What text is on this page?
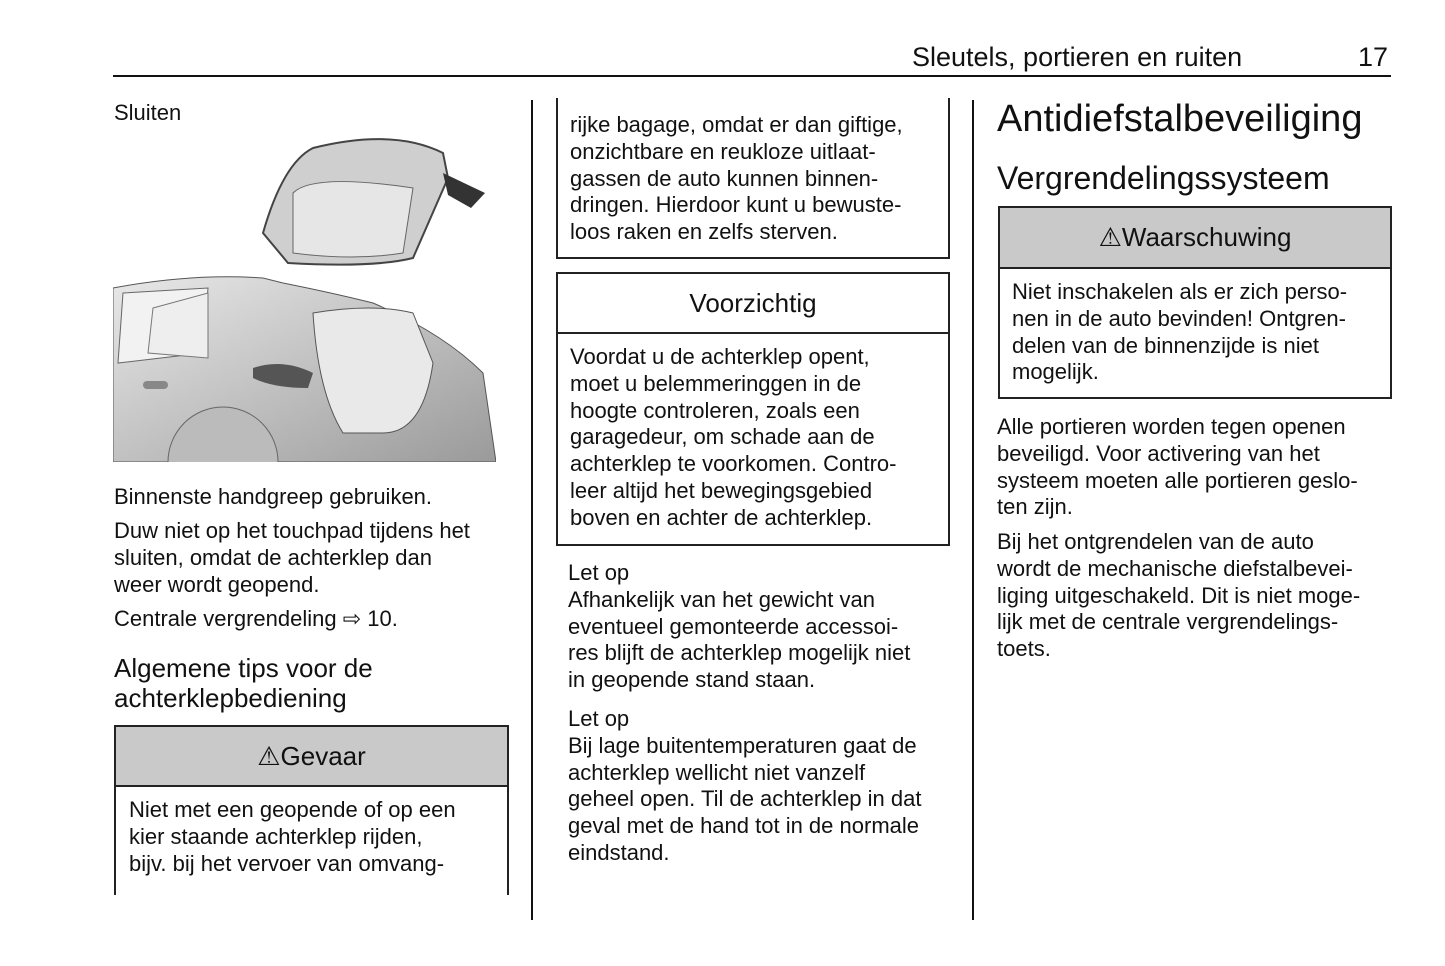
Sleutels, portieren en ruiten	17
Sluiten
Binnenste handgreep gebruiken.
Duw niet op het touchpad tijdens het
sluiten, omdat de achterklep dan
weer wordt geopend.
Centrale vergrendeling ⇨ 10.
Algemene tips voor de
achterklepbediening
⚠Gevaar
Niet met een geopende of op een
kier staande achterklep rijden,
bijv. bij het vervoer van omvang-
rijke bagage, omdat er dan giftige,
onzichtbare en reukloze uitlaat-
gassen de auto kunnen binnen-
dringen. Hierdoor kunt u bewuste-
loos raken en zelfs sterven.
Voorzichtig
Voordat u de achterklep opent,
moet u belemmeringgen in de
hoogte controleren, zoals een
garagedeur, om schade aan de
achterklep te voorkomen. Contro-
leer altijd het bewegingsgebied
boven en achter de achterklep.
Let op
Afhankelijk van het gewicht van
eventueel gemonteerde accessoi-
res blijft de achterklep mogelijk niet
in geopende stand staan.
Let op
Bij lage buitentemperaturen gaat de
achterklep wellicht niet vanzelf
geheel open. Til de achterklep in dat
geval met de hand tot in de normale
eindstand.
Antidiefstalbeveiliging
Vergrendelingssysteem
⚠Waarschuwing
Niet inschakelen als er zich perso-
nen in de auto bevinden! Ontgren-
delen van de binnenzijde is niet
mogelijk.
Alle portieren worden tegen openen
beveiligd. Voor activering van het
systeem moeten alle portieren geslo-
ten zijn.
Bij het ontgrendelen van de auto
wordt de mechanische diefstalbevei-
liging uitgeschakeld. Dit is niet moge-
lijk met de centrale vergrendelings-
toets.
